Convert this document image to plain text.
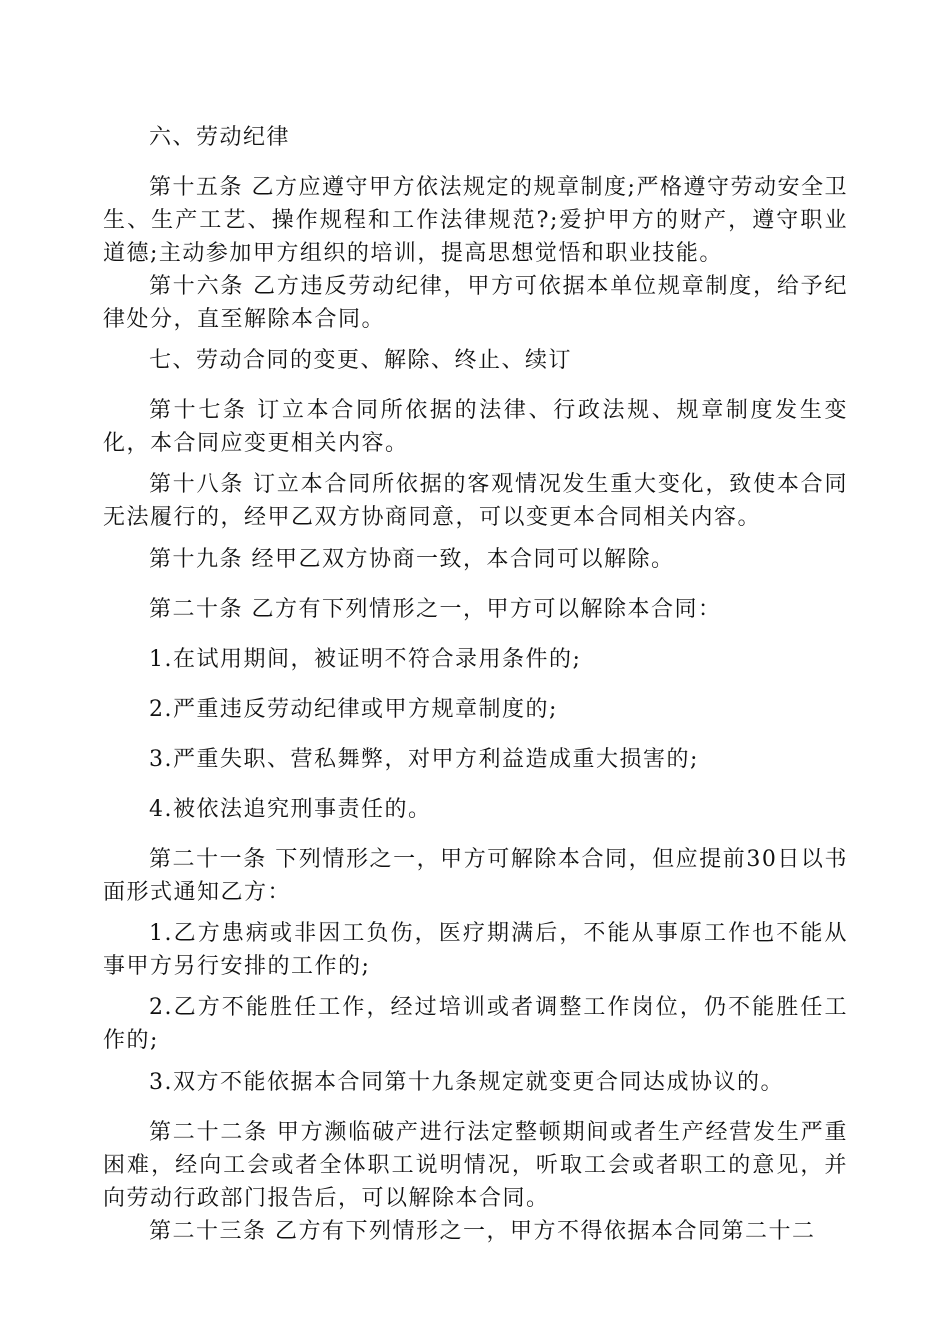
六、劳动纪律

第十五条 乙方应遵守甲方依法规定的规章制度;严格遵守劳动安全卫生、生产工艺、操作规程和工作法律规范?;爱护甲方的财产，遵守职业道德;主动参加甲方组织的培训，提高思想觉悟和职业技能。

第十六条 乙方违反劳动纪律，甲方可依据本单位规章制度，给予纪律处分，直至解除本合同。

七、劳动合同的变更、解除、终止、续订

第十七条 订立本合同所依据的法律、行政法规、规章制度发生变化，本合同应变更相关内容。

第十八条 订立本合同所依据的客观情况发生重大变化，致使本合同无法履行的，经甲乙双方协商同意，可以变更本合同相关内容。

第十九条 经甲乙双方协商一致，本合同可以解除。

第二十条 乙方有下列情形之一，甲方可以解除本合同：

1.在试用期间，被证明不符合录用条件的;

2.严重违反劳动纪律或甲方规章制度的;

3.严重失职、营私舞弊，对甲方利益造成重大损害的;

4.被依法追究刑事责任的。

第二十一条 下列情形之一，甲方可解除本合同，但应提前30日以书面形式通知乙方：

1.乙方患病或非因工负伤，医疗期满后，不能从事原工作也不能从事甲方另行安排的工作的;

2.乙方不能胜任工作，经过培训或者调整工作岗位，仍不能胜任工作的;

3.双方不能依据本合同第十九条规定就变更合同达成协议的。

第二十二条 甲方濒临破产进行法定整顿期间或者生产经营发生严重困难，经向工会或者全体职工说明情况，听取工会或者职工的意见，并向劳动行政部门报告后，可以解除本合同。

第二十三条 乙方有下列情形之一，甲方不得依据本合同第二十二
